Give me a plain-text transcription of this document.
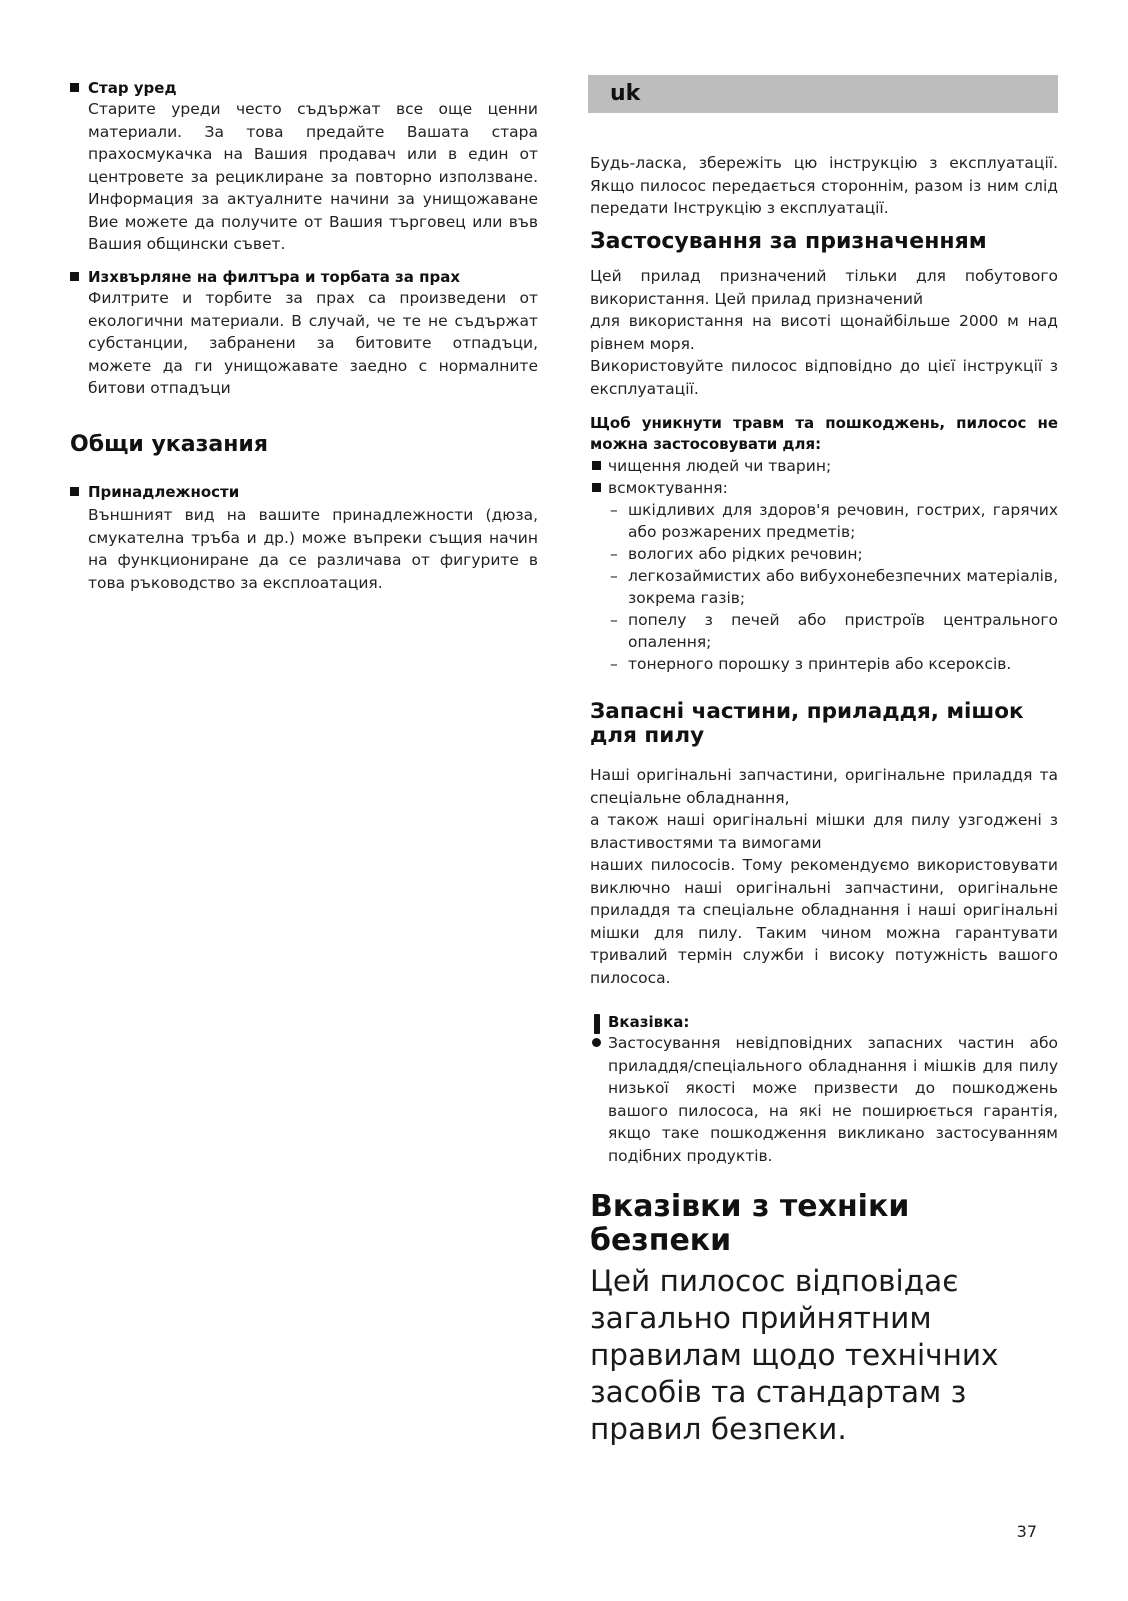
Стар уред

Старите уреди често съдържат все още ценни материали. За това предайте Вашата стара прахосмукачка на Вашия продавач или в един от центровете за рециклиране за повторно използване. Информация за актуалните начини за унищожаване Вие можете да получите от Вашия търговец или във Вашия общински съвет.

Изхвърляне на филтъра и торбата за прах

Филтрите и торбите за прах са произведени от екологични материали. В случай, че те не съдържат субстанции, забранени за битовите отпадъци, можете да ги унищожавате заедно с нормалните битови отпадъци

Общи указания
Принадлежности

Външният вид на вашите принадлежности (дюза, смукателна тръба и др.) може въпреки същия начин на функциониране да се различава от фигурите в това ръководство за експлоатация.

uk

Будь-ласка, збережіть цю інструкцію з експлуатації. Якщо пилосос передається стороннім, разом із ним слід передати Інструкцію з експлуатації.

Застосування за призначенням

Цей прилад призначений тільки для побутового використання. Цей прилад призначений

для використання на висоті щонайбільше 2000 м над рівнем моря.

Використовуйте пилосос відповідно до цієї інструкції з експлуатації.

Щоб уникнути травм та пошкоджень, пилосос не можна застосовувати для:

чищення людей чи тварин;
всмоктування:
– шкідливих для здоров'я речовин, гострих, гарячих або розжарених предметів;
– вологих або рідких речовин;
– легкозаймистих або вибухонебезпечних матеріалів, зокрема газів;
– попелу з печей або пристроїв центрального опалення;
– тонерного порошку з принтерів або ксероксів.
Запасні частини, приладдя, мішок для пилу

Наші оригінальні запчастини, оригінальне приладдя та спеціальне обладнання,

а також наші оригінальні мішки для пилу узгоджені з властивостями та вимогами

наших пилососів. Тому рекомендуємо використовувати виключно наші оригінальні запчастини, оригінальне приладдя та спеціальне обладнання і наші оригінальні мішки для пилу. Таким чином можна гарантувати тривалий термін служби і високу потужність вашого пилососа.

Вказівка:

Застосування невідповідних запасних частин або приладдя/спеціального обладнання і мішків для пилу низької якості може призвести до пошкоджень вашого пилососа, на які не поширюється гарантія, якщо таке пошкодження викликано застосуванням подібних продуктів.

Вказівки з техніки безпеки

Цей пилосос відповідає загально прийнятним правилам щодо технічних засобів та стандартам з правил безпеки.

37
